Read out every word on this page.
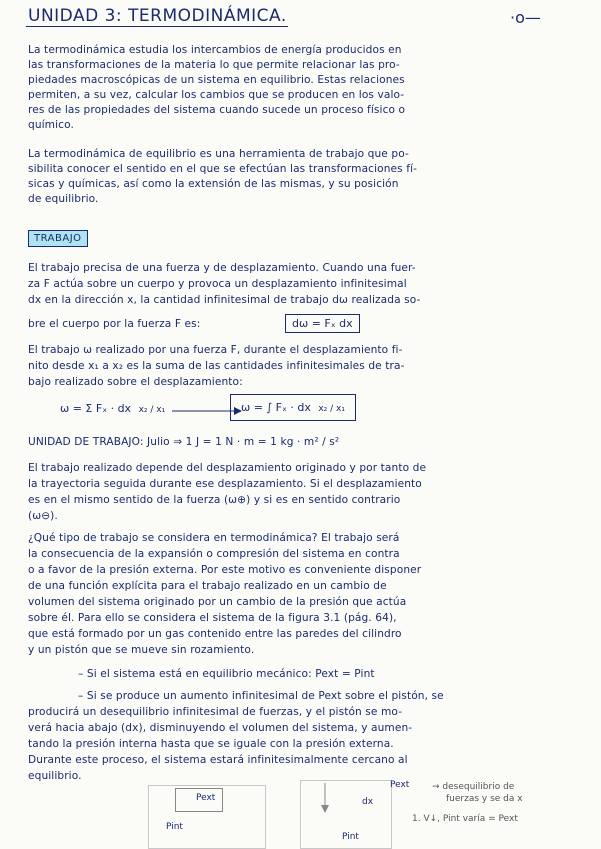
UNIDAD 3: TERMODINÁMICA.	·o—
La termodinámica estudia los intercambios de energía producidos en
las transformaciones de la materia lo que permite relacionar las pro-
piedades macroscópicas de un sistema en equilibrio. Estas relaciones
permiten, a su vez, calcular los cambios que se producen en los valo-
res de las propiedades del sistema cuando sucede un proceso físico o
químico.
La termodinámica de equilibrio es una herramienta de trabajo que po-
sibilita conocer el sentido en el que se efectúan las transformaciones fí-
sicas y químicas, así como la extensión de las mismas, y su posición
de equilibrio.
TRABAJO
El trabajo precisa de una fuerza y de desplazamiento. Cuando una fuer-
za F actúa sobre un cuerpo y provoca un desplazamiento infinitesimal
dx en la dirección x, la cantidad infinitesimal de trabajo dω realizada so-
bre el cuerpo por la fuerza F es:	dω = Fₓ dx
El trabajo ω realizado por una fuerza F, durante el desplazamiento fi-
nito desde x₁ a x₂ es la suma de las cantidades infinitesimales de tra-
bajo realizado sobre el desplazamiento:
ω = Σ Fₓ · dx x₂ / x₁	ω = ∫ Fₓ · dx x₂ / x₁
UNIDAD DE TRABAJO: Julio ⇒ 1 J = 1 N · m = 1 kg · m² / s²
El trabajo realizado depende del desplazamiento originado y por tanto de
la trayectoria seguida durante ese desplazamiento. Si el desplazamiento
es en el mismo sentido de la fuerza (ω⊕) y si es en sentido contrario
(ω⊖).
¿Qué tipo de trabajo se considera en termodinámica? El trabajo será
la consecuencia de la expansión o compresión del sistema en contra
o a favor de la presión externa. Por este motivo es conveniente disponer
de una función explícita para el trabajo realizado en un cambio de
volumen del sistema originado por un cambio de la presión que actúa
sobre él. Para ello se considera el sistema de la figura 3.1 (pág. 64),
que está formado por un gas contenido entre las paredes del cilindro
y un pistón que se mueve sin rozamiento.
– Si el sistema está en equilibrio mecánico: Pext = Pint
– Si se produce un aumento infinitesimal de Pext sobre el pistón, se
producirá un desequilibrio infinitesimal de fuerzas, y el pistón se mo-
verá hacia abajo (dx), disminuyendo el volumen del sistema, y aumen-
tando la presión interna hasta que se iguale con la presión externa.
Durante este proceso, el sistema estará infinitesimalmente cercano al
equilibrio.
Pext
Pint
dx
Pint
Pext	→ desequilibrio de
fuerzas y se da x
1. V↓, Pint varía = Pext
